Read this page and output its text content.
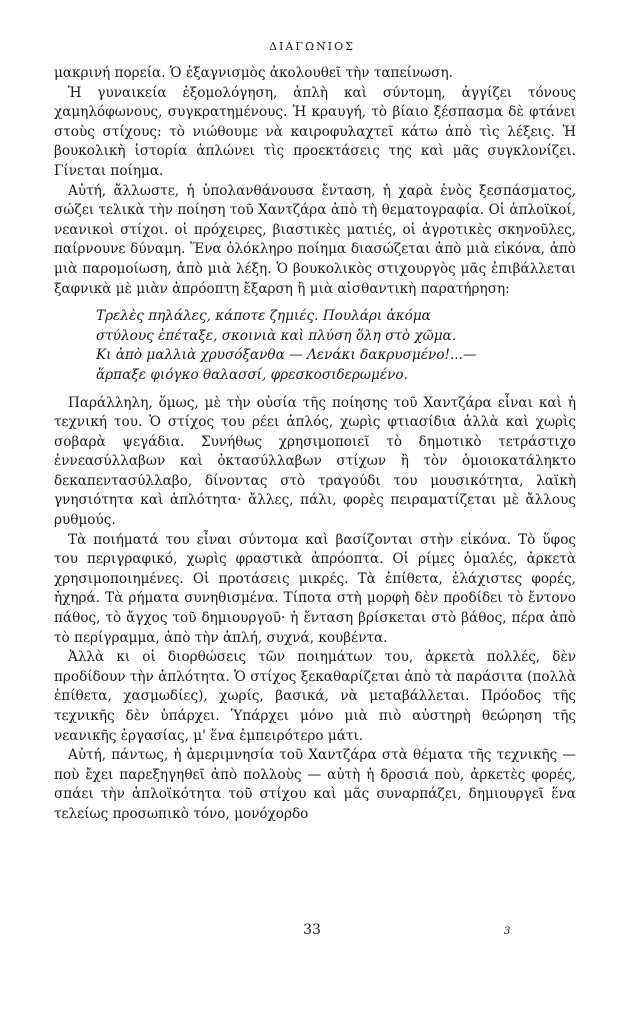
ΔΙΑΓΩΝΙΟΣ

μακρινή πορεία. Ὁ ἐξαγνισμὸς ἀκολουθεῖ τὴν ταπείνωση.

Ἡ γυναικεία ἐξομολόγηση, ἁπλὴ καὶ σύντομη, ἀγγίζει τόνους χαμηλόφωνους, συγκρατημένους. Ἡ κραυγή, τὸ βίαιο ξέσπασμα δὲ φτάνει στοὺς στίχους: τὸ νιώθουμε νὰ καιροφυλαχτεῖ κάτω ἀπὸ τὶς λέξεις. Ἡ βουκολικὴ ἱστορία ἁπλώνει τὶς προεκτάσεις της καὶ μᾶς συγκλονίζει. Γίνεται ποίημα.

Αὐτή, ἄλλωστε, ἡ ὑπολανθάνουσα ἔνταση, ἡ χαρὰ ἑνὸς ξεσπάσματος, σώζει τελικὰ τὴν ποίηση τοῦ Χαντζάρα ἀπὸ τὴ θεματογραφία. Οἱ ἁπλοϊκοί, νεανικοὶ στίχοι. οἱ πρόχειρες, βιαστικὲς ματιές, οἱ ἀγροτικὲς σκηνοῦλες, παίρνουνε δύναμη. Ἕνα ὁλόκληρο ποίημα διασώζεται ἀπὸ μιὰ εἰκόνα, ἀπὸ μιὰ παρομοίωση, ἀπὸ μιὰ λέξη. Ὁ βουκολικὸς στιχουργὸς μᾶς ἐπιβάλλεται ξαφνικὰ μὲ μιὰν ἀπρόοπτη ἔξαρση ἢ μιὰ αἰσθαντικὴ παρατήρηση:

Τρελὲς πηλάλες, κάποτε ζημιές. Πουλάρι ἀκόμα
στύλους ἐπέταξε, σκοινιὰ καὶ πλύση ὅλη στὸ χῶμα.
Κι ἀπὸ μαλλιὰ χρυσόξανθα — Λενάκι δακρυσμένο!...—
ἅρπαξε φιόγκο θαλασσί, φρεσκοσιδερωμένο.

Παράλληλη, ὅμως, μὲ τὴν οὐσία τῆς ποίησης τοῦ Χαντζάρα εἶναι καὶ ἡ τεχνική του. Ὁ στίχος του ρέει ἁπλός, χωρὶς φτιασίδια ἀλλὰ καὶ χωρὶς σοβαρὰ ψεγάδια. Συνήθως χρησιμοποιεῖ τὸ δημοτικὸ τετράστιχο ἐννεασύλλαβων καὶ ὀκτασύλλαβων στίχων ἢ τὸν ὁμοιοκατάληκτο δεκαπεντασύλλαβο, δίνοντας στὸ τραγούδι του μουσικότητα, λαϊκὴ γνησιότητα καὶ ἁπλότητα· ἄλλες, πάλι, φορὲς πειραματίζεται μὲ ἄλλους ρυθμούς.

Τὰ ποιήματά του εἶναι σύντομα καὶ βασίζονται στὴν εἰκόνα. Τὸ ὕφος του περιγραφικό, χωρὶς φραστικὰ ἀπρόοπτα. Οἱ ρίμες ὁμαλές, ἀρκετὰ χρησιμοποιημένες. Οἱ προτάσεις μικρές. Τὰ ἐπίθετα, ἐλάχιστες φορές, ἠχηρά. Τὰ ρήματα συνηθισμένα. Τίποτα στὴ μορφὴ δὲν προδίδει τὸ ἔντονο πάθος, τὸ ἄγχος τοῦ δημιουργοῦ· ἡ ἔνταση βρίσκεται στὸ βάθος, πέρα ἀπὸ τὸ περίγραμμα, ἀπὸ τὴν ἁπλή, συχνά, κουβέντα.

Ἀλλὰ κι οἱ διορθώσεις τῶν ποιημάτων του, ἀρκετὰ πολλές, δὲν προδίδουν τὴν ἁπλότητα. Ὁ στίχος ξεκαθαρίζεται ἀπὸ τὰ παράσιτα (πολλὰ ἐπίθετα, χασμωδίες), χωρίς, βασικά, νὰ μεταβάλλεται. Πρόοδος τῆς τεχνικῆς δὲν ὑπάρχει. Ὑπάρχει μόνο μιὰ πιὸ αὐστηρὴ θεώρηση τῆς νεανικῆς ἐργασίας, μ' ἕνα ἐμπειρότερο μάτι.

Αὐτή, πάντως, ἡ ἀμεριμνησία τοῦ Χαντζάρα στὰ θέματα τῆς τεχνικῆς — ποὺ ἔχει παρεξηγηθεῖ ἀπὸ πολλοὺς — αὐτὴ ἡ δροσιά ποὺ, ἀρκετὲς φορές, σπάει τὴν ἁπλοϊκότητα τοῦ στίχου καὶ μᾶς συναρπάζει, δημιουργεῖ ἕνα τελείως προσωπικὸ τόνο, μονόχορδο

33	3
